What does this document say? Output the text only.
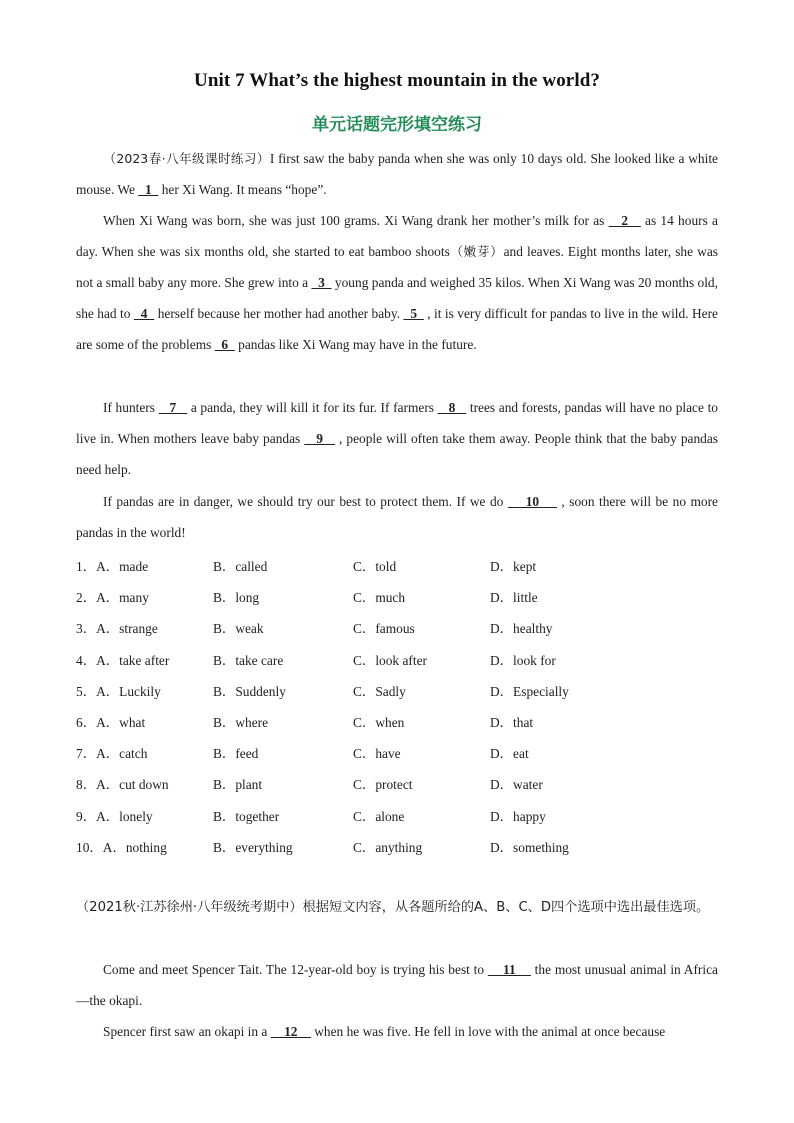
Unit 7 What’s the highest mountain in the world?
单元话题完形填空练习
（2023春·八年级课时练习）I first saw the baby panda when she was only 10 days old. She looked like a white mouse. We   1   her Xi Wang. It means “hope”.
When Xi Wang was born, she was just 100 grams. Xi Wang drank her mother’s milk for as    2    as 14 hours a day. When she was six months old, she started to eat bamboo shoots（嫩芽）and leaves. Eight months later, she was not a small baby any more. She grew into a   3   young panda and weighed 35 kilos. When Xi Wang was 20 months old, she had to   4   herself because her mother had another baby.   5   , it is very difficult for pandas to live in the wild. Here are some of the problems   6   pandas like Xi Wang may have in the future.
If hunters    7    a panda, they will kill it for its fur. If farmers    8    trees and forests, pandas will have no place to live in. When mothers leave baby pandas    9    , people will often take them away. People think that the baby pandas need help.
If pandas are in danger, we should try our best to protect them. If we do     10     , soon there will be no more pandas in the world!
1．A．made	B．called	C．told	D．kept
2．A．many	B．long	C．much	D．little
3．A．strange	B．weak	C．famous	D．healthy
4．A．take after	B．take care	C．look after	D．look for
5．A．Luckily	B．Suddenly	C．Sadly	D．Especially
6．A．what	B．where	C．when	D．that
7．A．catch	B．feed	C．have	D．eat
8．A．cut down	B．plant	C．protect	D．water
9．A．lonely	B．together	C．alone	D．happy
10．A．nothing	B．everything	C．anything	D．something
（2021秋·江苏徐州·八年级统考期中）根据短文内容，从各题所给的A、B、C、D四个选项中选出最佳选项。
Come and meet Spencer Tait. The 12-year-old boy is trying his best to     11     the most unusual animal in Africa—the okapi.
Spencer first saw an okapi in a     12     when he was five. He fell in love with the animal at once because
